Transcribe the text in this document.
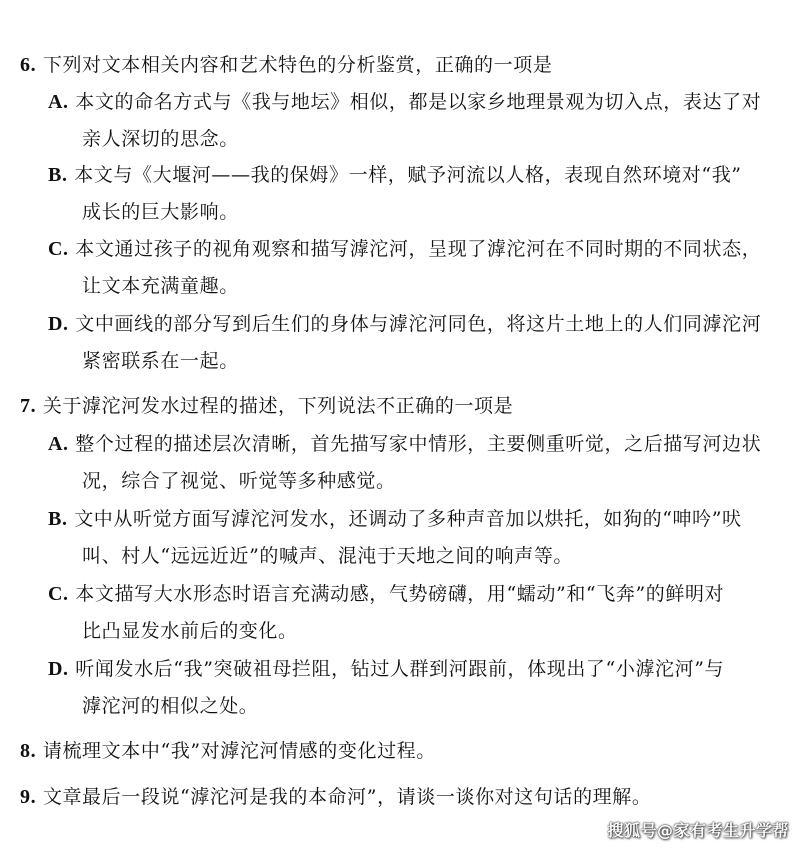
6. 下列对文本相关内容和艺术特色的分析鉴赏，正确的一项是
A. 本文的命名方式与《我与地坛》相似，都是以家乡地理景观为切入点，表达了对
亲人深切的思念。
B. 本文与《大堰河——我的保姆》一样，赋予河流以人格，表现自然环境对“我”
成长的巨大影响。
C. 本文通过孩子的视角观察和描写滹沱河，呈现了滹沱河在不同时期的不同状态，
让文本充满童趣。
D. 文中画线的部分写到后生们的身体与滹沱河同色，将这片土地上的人们同滹沱河
紧密联系在一起。
7. 关于滹沱河发水过程的描述，下列说法不正确的一项是
A. 整个过程的描述层次清晰，首先描写家中情形，主要侧重听觉，之后描写河边状
况，综合了视觉、听觉等多种感觉。
B. 文中从听觉方面写滹沱河发水，还调动了多种声音加以烘托，如狗的“呻吟”吠
叫、村人“远远近近”的喊声、混沌于天地之间的响声等。
C. 本文描写大水形态时语言充满动感，气势磅礴，用“蠕动”和“飞奔”的鲜明对
比凸显发水前后的变化。
D. 听闻发水后“我”突破祖母拦阻，钻过人群到河跟前，体现出了“小滹沱河”与
滹沱河的相似之处。
8. 请梳理文本中“我”对滹沱河情感的变化过程。
9. 文章最后一段说“滹沱河是我的本命河”，请谈一谈你对这句话的理解。
搜狐号@家有考生升学帮
